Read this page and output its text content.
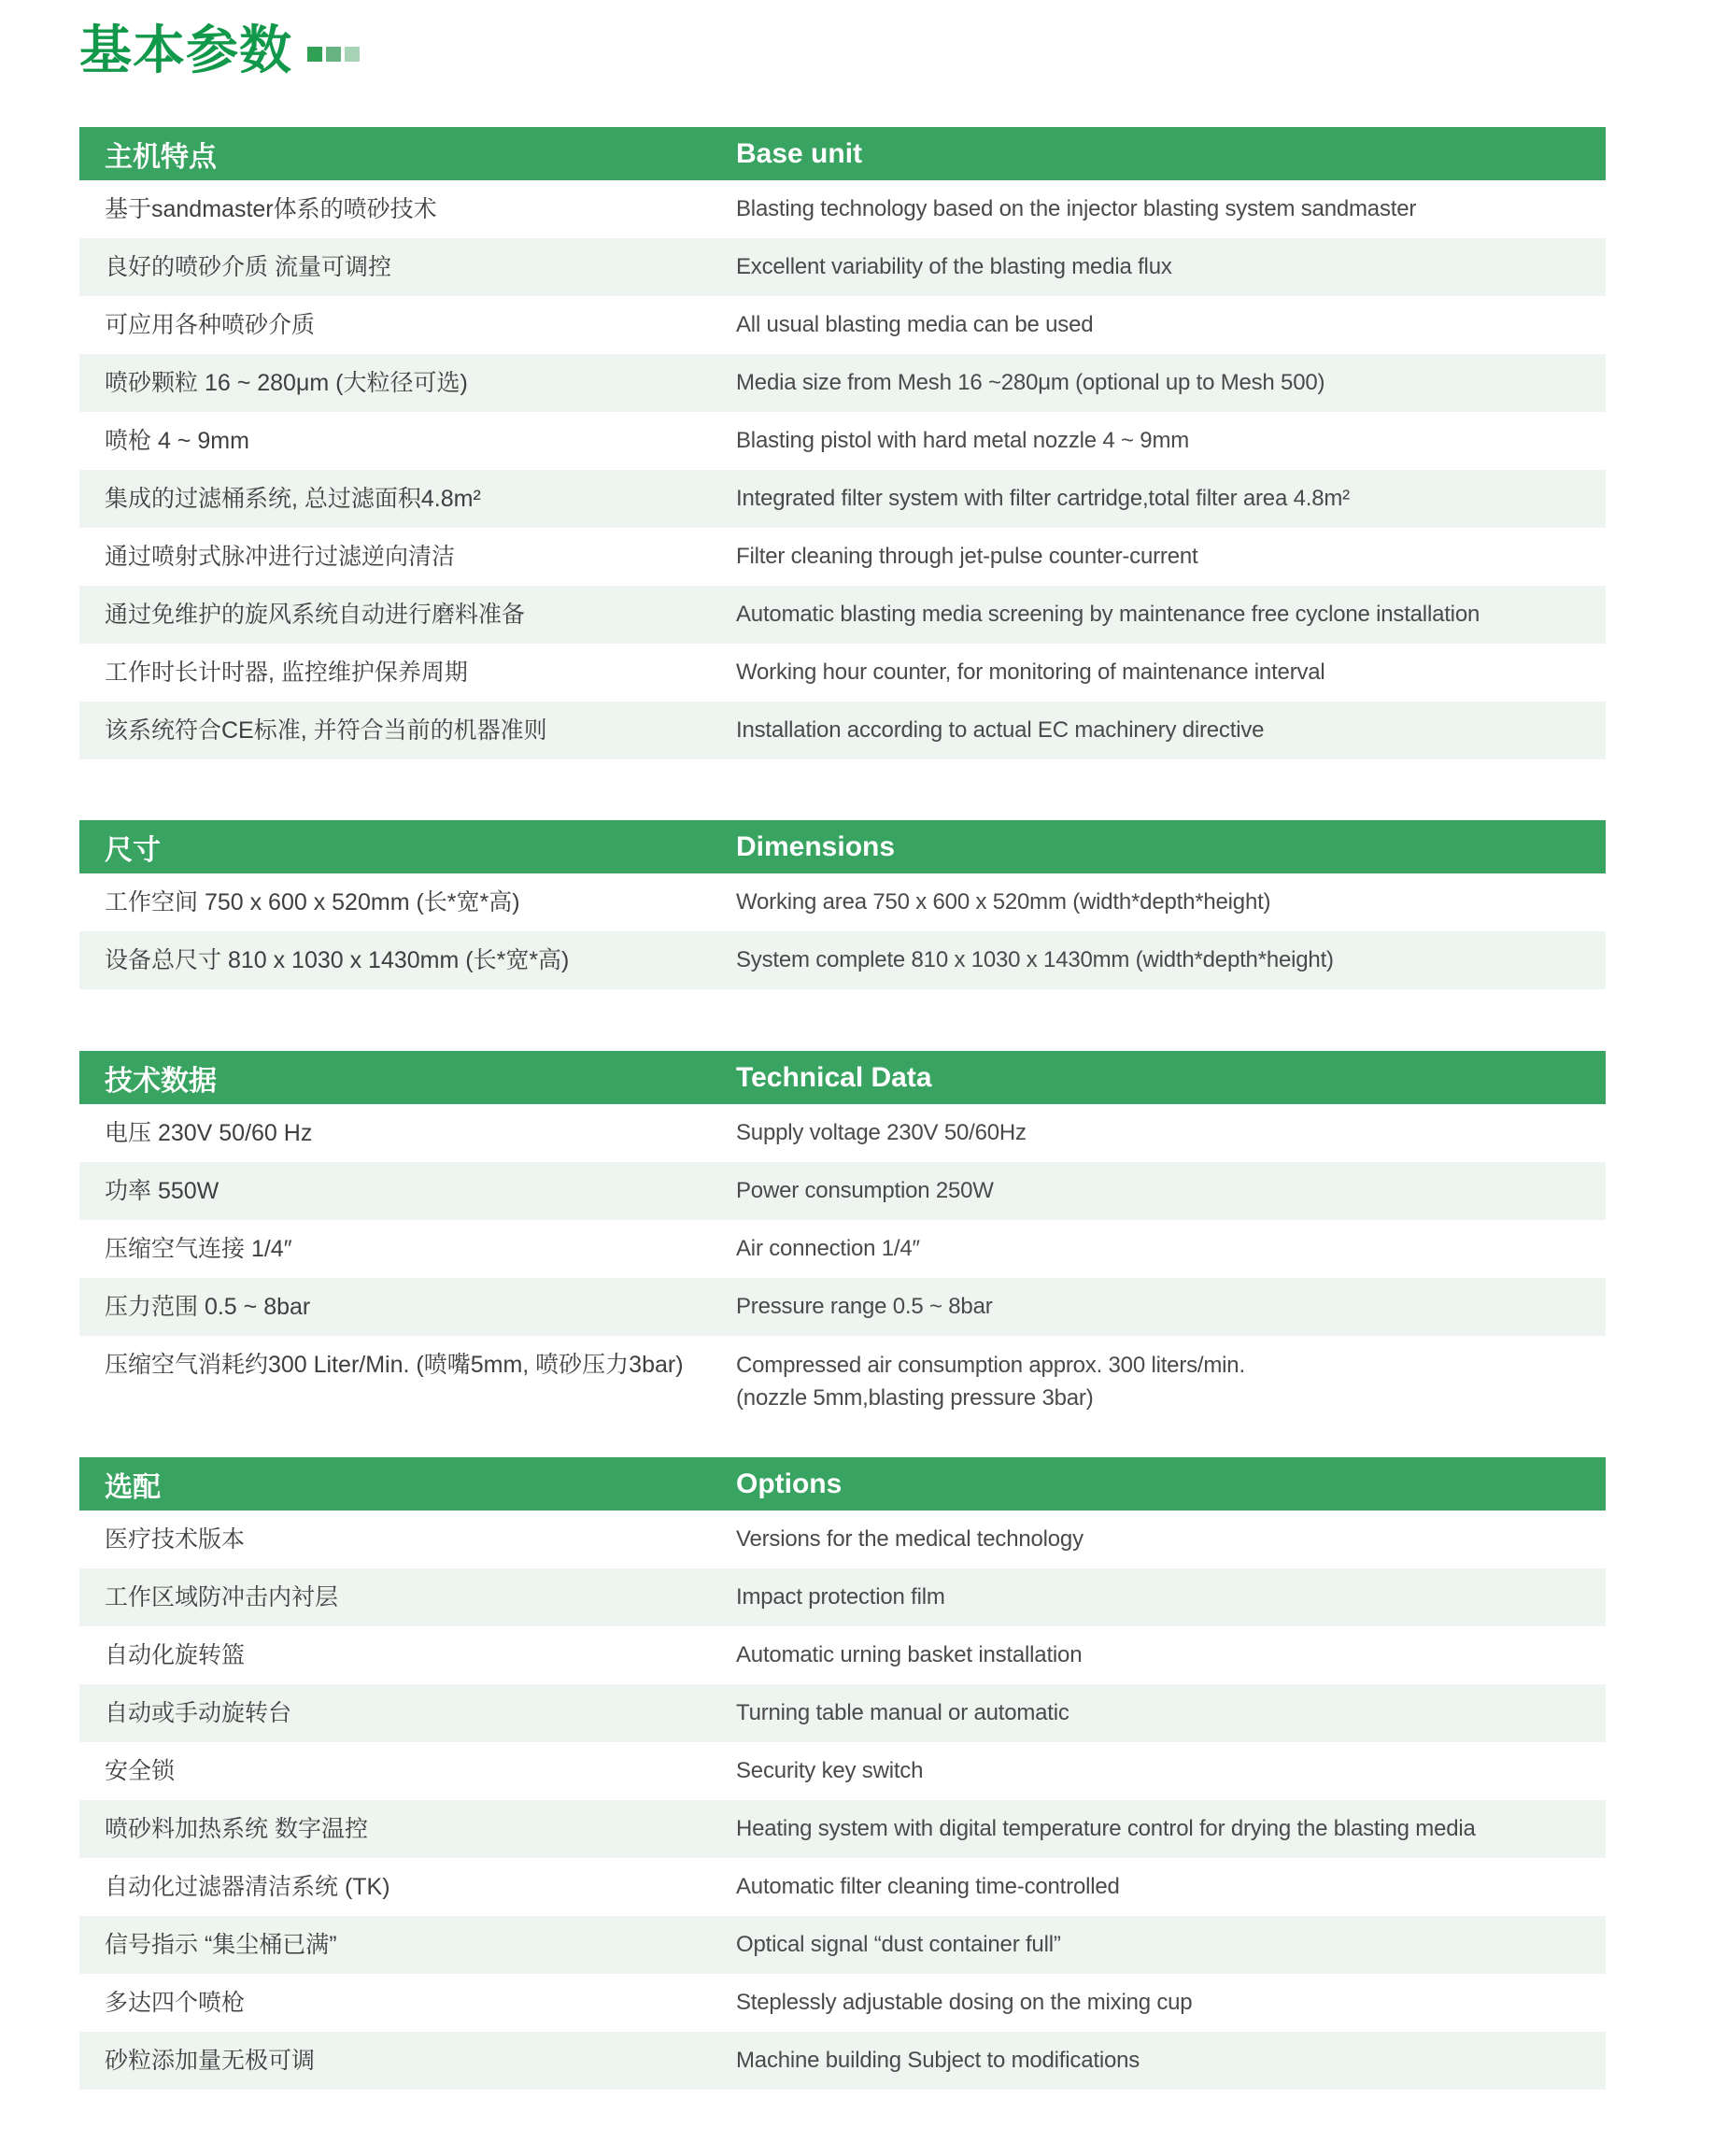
基本参数
主机特点	Base unit
基于sandmaster体系的喷砂技术	Blasting technology based on the injector blasting system sandmaster
良好的喷砂介质 流量可调控	Excellent variability of the blasting media flux
可应用各种喷砂介质	All usual blasting media can be used
喷砂颗粒 16 ~ 280μm (大粒径可选)	Media size from Mesh 16 ~280μm (optional up to Mesh 500)
喷枪 4 ~ 9mm	Blasting pistol with hard metal nozzle 4 ~ 9mm
集成的过滤桶系统, 总过滤面积4.8m²	Integrated filter system with filter cartridge,total filter area 4.8m²
通过喷射式脉冲进行过滤逆向清洁	Filter cleaning through jet-pulse counter-current
通过免维护的旋风系统自动进行磨料准备	Automatic blasting media screening by maintenance free cyclone installation
工作时长计时器, 监控维护保养周期	Working hour counter, for monitoring of maintenance interval
该系统符合CE标准, 并符合当前的机器准则	Installation according to actual EC machinery directive
尺寸	Dimensions
工作空间 750 x 600 x 520mm (长*宽*高)	Working area 750 x 600 x 520mm (width*depth*height)
设备总尺寸 810 x 1030 x 1430mm (长*宽*高)	System complete 810 x 1030 x 1430mm (width*depth*height)
技术数据	Technical Data
电压 230V 50/60 Hz	Supply voltage 230V 50/60Hz
功率 550W	Power consumption 250W
压缩空气连接 1/4″	Air connection 1/4″
压力范围 0.5 ~ 8bar	Pressure range 0.5 ~ 8bar
压缩空气消耗约300 Liter/Min. (喷嘴5mm, 喷砂压力3bar)	Compressed air consumption approx. 300 liters/min.
(nozzle 5mm,blasting pressure 3bar)
选配	Options
医疗技术版本	Versions for the medical technology
工作区域防冲击内衬层	Impact protection film
自动化旋转篮	Automatic urning basket installation
自动或手动旋转台	Turning table manual or automatic
安全锁	Security key switch
喷砂料加热系统 数字温控	Heating system with digital temperature control for drying the blasting media
自动化过滤器清洁系统 (TK)	Automatic filter cleaning time-controlled
信号指示 “集尘桶已满”	Optical signal “dust container full”
多达四个喷枪	Steplessly adjustable dosing on the mixing cup
砂粒添加量无极可调	Machine building Subject to modifications
